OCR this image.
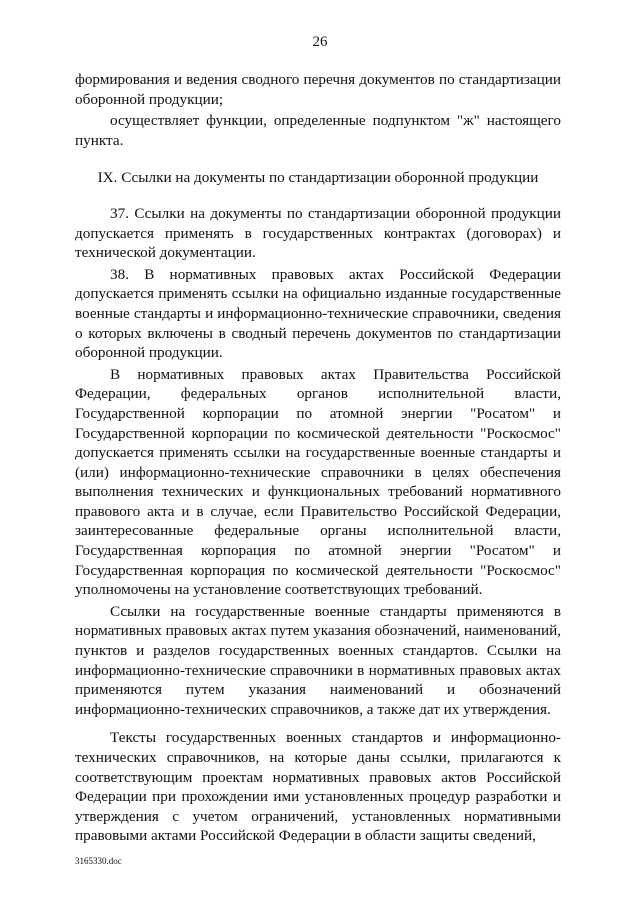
26

формирования и ведения сводного перечня документов по стандартизации оборонной продукции;

осуществляет функции, определенные подпунктом "ж" настоящего пункта.

IX. Ссылки на документы по стандартизации оборонной продукции

37. Ссылки на документы по стандартизации оборонной продукции допускается применять в государственных контрактах (договорах) и технической документации.

38. В нормативных правовых актах Российской Федерации допускается применять ссылки на официально изданные государственные военные стандарты и информационно-технические справочники, сведения о которых включены в сводный перечень документов по стандартизации оборонной продукции.

В нормативных правовых актах Правительства Российской Федерации, федеральных органов исполнительной власти, Государственной корпорации по атомной энергии "Росатом" и Государственной корпорации по космической деятельности "Роскосмос" допускается применять ссылки на государственные военные стандарты и (или) информационно-технические справочники в целях обеспечения выполнения технических и функциональных требований нормативного правового акта и в случае, если Правительство Российской Федерации, заинтересованные федеральные органы исполнительной власти, Государственная корпорация по атомной энергии "Росатом" и Государственная корпорация по космической деятельности "Роскосмос" уполномочены на установление соответствующих требований.

Ссылки на государственные военные стандарты применяются в нормативных правовых актах путем указания обозначений, наименований, пунктов и разделов государственных военных стандартов. Ссылки на информационно-технические справочники в нормативных правовых актах применяются путем указания наименований и обозначений информационно-технических справочников, а также дат их утверждения.

Тексты государственных военных стандартов и информационно-технических справочников, на которые даны ссылки, прилагаются к соответствующим проектам нормативных правовых актов Российской Федерации при прохождении ими установленных процедур разработки и утверждения с учетом ограничений, установленных нормативными правовыми актами Российской Федерации в области защиты сведений,

3165330.doc
